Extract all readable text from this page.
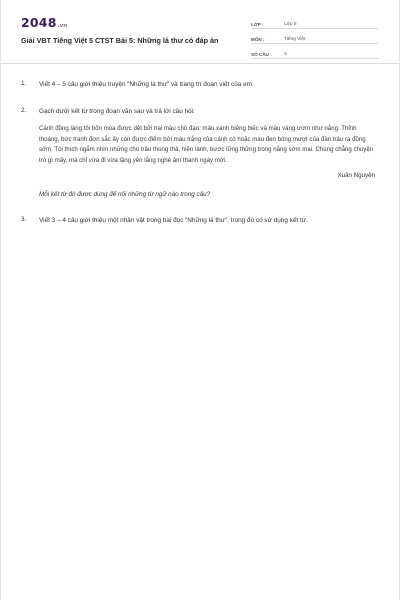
2048 .vn
Giải VBT Tiếng Việt 5 CTST Bài 5: Những lá thư có đáp án
LỚP :	Lớp 5
MÔN :	Tiếng Việt
SỐ CÂU :	3
1.	Viết 4 – 5 câu giới thiệu truyện “Những lá thư” và trang trí đoạn viết của em.
2.	Gạch dưới kết từ trong đoạn văn sau và trả lời câu hỏi:
Cánh đồng làng tôi bốn mùa được dệt bởi hai màu chủ đạo: màu xanh biêng biếc và màu vàng ươm như nắng. Thỉnh thoảng, bức tranh đơn sắc ấy còn được điểm bởi màu trắng của cánh cò hoặc màu đen bóng mượt của đàn trâu ra đồng sớm. Tôi thích ngắm nhìn những chú trâu thong thả, hiền lành, bước lững thững trong nắng sớm mai. Chúng chẳng chuyện trò gì mấy, mà chỉ vừa đi vừa lặng yên lắng nghe âm thanh ngày mới.
Xuân Nguyên
Mỗi kết từ đó được dùng để nối những từ ngữ nào trong câu?
3.	Viết 3 – 4 câu giới thiệu một nhân vật trong bài đọc “Những lá thư”, trong đó có sử dụng kết từ.
